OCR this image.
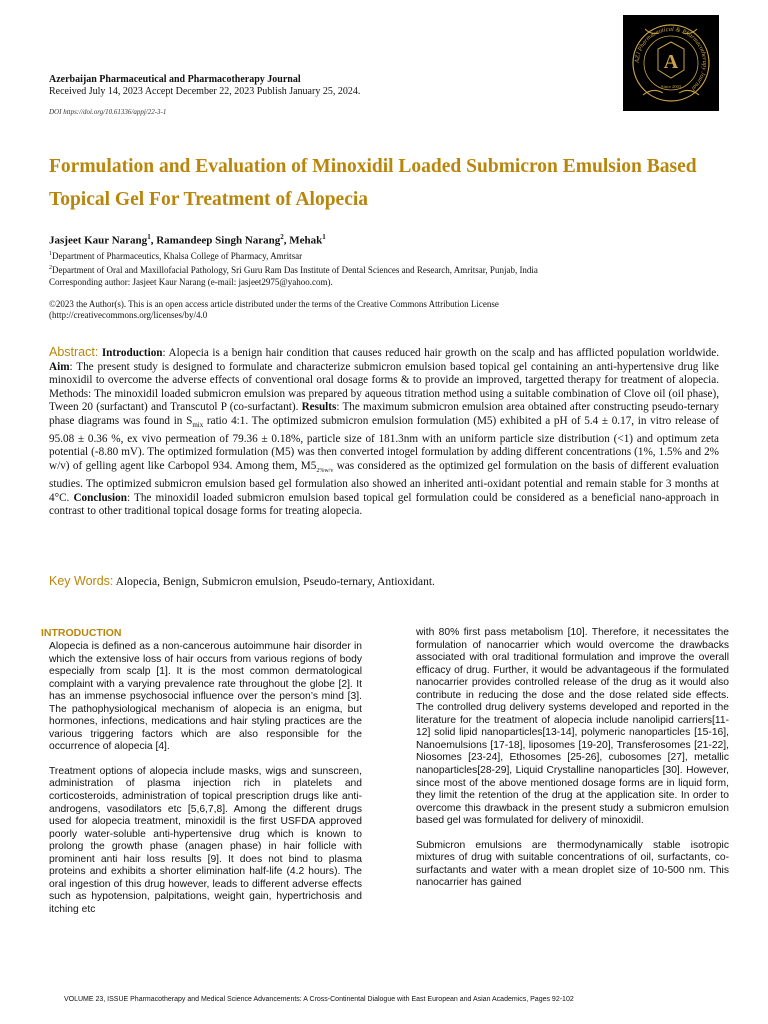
Azerbaijan Pharmaceutical and Pharmacotherapy Journal
Received July 14, 2023 Accept December 22, 2023 Publish January 25, 2024.
DOI https://doi.org/10.61336/appj/22-3-1
AZJ Pharmaceutical & Pharmacotherapy Journal
A
Since 2003
Formulation and Evaluation of Minoxidil Loaded Submicron Emulsion Based Topical Gel For Treatment of Alopecia
Jasjeet Kaur Narang$^1$, Ramandeep Singh Narang$^2$, Mehak$^1$
$^1$Department of Pharmaceutics, Khalsa College of Pharmacy, Amritsar
$^2$Department of Oral and Maxillofacial Pathology, Sri Guru Ram Das Institute of Dental Sciences and Research, Amritsar, Punjab, India
Corresponding author: Jasjeet Kaur Narang (e-mail: jasjeet2975@yahoo.com).
©2023 the Author(s). This is an open access article distributed under the terms of the Creative Commons Attribution License (http://creativecommons.org/licenses/by/4.0

Abstract: Introduction: Alopecia is a benign hair condition that causes reduced hair growth on the scalp and has afflicted population worldwide. Aim: The present study is designed to formulate and characterize submicron emulsion based topical gel containing an anti-hypertensive drug like minoxidil to overcome the adverse effects of conventional oral dosage forms & to provide an improved, targetted therapy for treatment of alopecia. Methods: The minoxidil loaded submicron emulsion was prepared by aqueous titration method using a suitable combination of Clove oil (oil phase), Tween 20 (surfactant) and Transcutol P (co-surfactant). Results: The maximum submicron emulsion area obtained after constructing pseudo-ternary phase diagrams was found in $S_{mix}$ ratio 4:1. The optimized submicron emulsion formulation (M5) exhibited a pH of 5.4 ± 0.17, in vitro release of 95.08 ± 0.36 %, ex vivo permeation of 79.36 ± 0.18%, particle size of 181.3nm with an uniform particle size distribution (<1) and optimum zeta potential (-8.80 mV). The optimized formulation (M5) was then converted intogel formulation by adding different concentrations (1%, 1.5% and 2% w/v) of gelling agent like Carbopol 934. Among them, $M5_{2\%w/v}$ was considered as the optimized gel formulation on the basis of different evaluation studies. The optimized submicron emulsion based gel formulation also showed an inherited anti-oxidant potential and remain stable for 3 months at 4°C. Conclusion: The minoxidil loaded submicron emulsion based topical gel formulation could be considered as a beneficial nano-approach in contrast to other traditional topical dosage forms for treating alopecia.

Key Words: Alopecia, Benign, Submicron emulsion, Pseudo-ternary, Antioxidant.
INTRODUCTION

Alopecia is defined as a non-cancerous autoimmune hair disorder in which the extensive loss of hair occurs from various regions of body especially from scalp [1]. It is the most common dermatological complaint with a varying prevalence rate throughout the globe [2]. It has an immense psychosocial influence over the person’s mind [3]. The pathophysiological mechanism of alopecia is an enigma, but hormones, infections, medications and hair styling practices are the various triggering factors which are also responsible for the occurrence of alopecia [4].

Treatment options of alopecia include masks, wigs and sunscreen, administration of plasma injection rich in platelets and corticosteroids, administration of topical prescription drugs like anti-androgens, vasodilators etc [5,6,7,8]. Among the different drugs used for alopecia treatment, minoxidil is the first USFDA approved poorly water-soluble anti-hypertensive drug which is known to prolong the growth phase (anagen phase) in hair follicle with prominent anti hair loss results [9]. It does not bind to plasma proteins and exhibits a shorter elimination half-life (4.2 hours). The oral ingestion of this drug however, leads to different adverse effects such as hypotension, palpitations, weight gain, hypertrichosis and itching etc

with 80% first pass metabolism [10]. Therefore, it necessitates the formulation of nanocarrier which would overcome the drawbacks associated with oral traditional formulation and improve the overall efficacy of drug. Further, it would be advantageous if the formulated nanocarrier provides controlled release of the drug as it would also contribute in reducing the dose and the dose related side effects. The controlled drug delivery systems developed and reported in the literature for the treatment of alopecia include nanolipid carriers[11-12] solid lipid nanoparticles[13-14], polymeric nanoparticles [15-16], Nanoemulsions [17-18], liposomes [19-20], Transferosomes [21-22], Niosomes [23-24], Ethosomes [25-26], cubosomes [27], metallic nanoparticles[28-29], Liquid Crystalline nanoparticles [30]. However, since most of the above mentioned dosage forms are in liquid form, they limit the retention of the drug at the application site. In order to overcome this drawback in the present study a submicron emulsion based gel was formulated for delivery of minoxidil.

Submicron emulsions are thermodynamically stable isotropic mixtures of drug with suitable concentrations of oil, surfactants, co-surfactants and water with a mean droplet size of 10-500 nm. This nanocarrier has gained

VOLUME 23, ISSUE Pharmacotherapy and Medical Science Advancements: A Cross-Continental Dialogue with East European and Asian Academics, Pages 92-102
